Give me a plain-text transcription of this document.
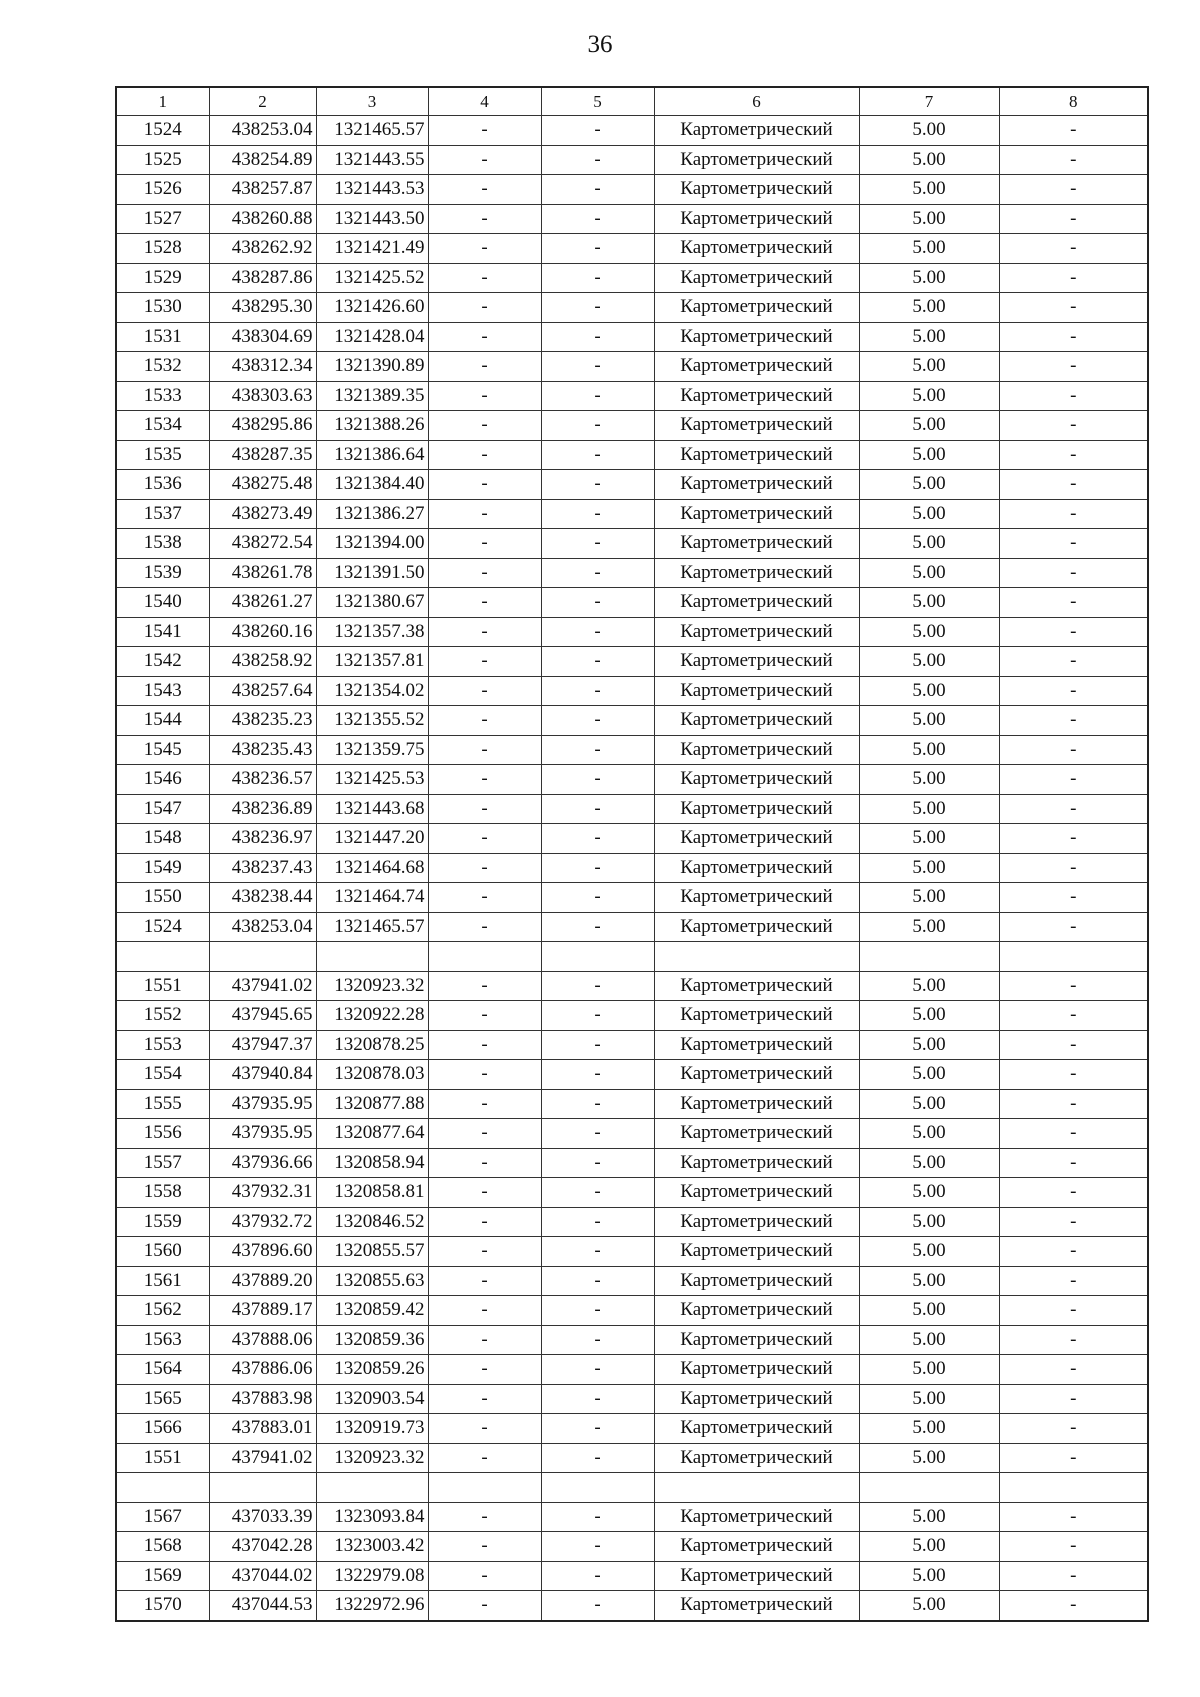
36
1	2	3	4	5	6	7	8
1524	438253.04	1321465.57	-	-	Картометрический	5.00	-
1525	438254.89	1321443.55	-	-	Картометрический	5.00	-
1526	438257.87	1321443.53	-	-	Картометрический	5.00	-
1527	438260.88	1321443.50	-	-	Картометрический	5.00	-
1528	438262.92	1321421.49	-	-	Картометрический	5.00	-
1529	438287.86	1321425.52	-	-	Картометрический	5.00	-
1530	438295.30	1321426.60	-	-	Картометрический	5.00	-
1531	438304.69	1321428.04	-	-	Картометрический	5.00	-
1532	438312.34	1321390.89	-	-	Картометрический	5.00	-
1533	438303.63	1321389.35	-	-	Картометрический	5.00	-
1534	438295.86	1321388.26	-	-	Картометрический	5.00	-
1535	438287.35	1321386.64	-	-	Картометрический	5.00	-
1536	438275.48	1321384.40	-	-	Картометрический	5.00	-
1537	438273.49	1321386.27	-	-	Картометрический	5.00	-
1538	438272.54	1321394.00	-	-	Картометрический	5.00	-
1539	438261.78	1321391.50	-	-	Картометрический	5.00	-
1540	438261.27	1321380.67	-	-	Картометрический	5.00	-
1541	438260.16	1321357.38	-	-	Картометрический	5.00	-
1542	438258.92	1321357.81	-	-	Картометрический	5.00	-
1543	438257.64	1321354.02	-	-	Картометрический	5.00	-
1544	438235.23	1321355.52	-	-	Картометрический	5.00	-
1545	438235.43	1321359.75	-	-	Картометрический	5.00	-
1546	438236.57	1321425.53	-	-	Картометрический	5.00	-
1547	438236.89	1321443.68	-	-	Картометрический	5.00	-
1548	438236.97	1321447.20	-	-	Картометрический	5.00	-
1549	438237.43	1321464.68	-	-	Картометрический	5.00	-
1550	438238.44	1321464.74	-	-	Картометрический	5.00	-
1524	438253.04	1321465.57	-	-	Картометрический	5.00	-

1551	437941.02	1320923.32	-	-	Картометрический	5.00	-
1552	437945.65	1320922.28	-	-	Картометрический	5.00	-
1553	437947.37	1320878.25	-	-	Картометрический	5.00	-
1554	437940.84	1320878.03	-	-	Картометрический	5.00	-
1555	437935.95	1320877.88	-	-	Картометрический	5.00	-
1556	437935.95	1320877.64	-	-	Картометрический	5.00	-
1557	437936.66	1320858.94	-	-	Картометрический	5.00	-
1558	437932.31	1320858.81	-	-	Картометрический	5.00	-
1559	437932.72	1320846.52	-	-	Картометрический	5.00	-
1560	437896.60	1320855.57	-	-	Картометрический	5.00	-
1561	437889.20	1320855.63	-	-	Картометрический	5.00	-
1562	437889.17	1320859.42	-	-	Картометрический	5.00	-
1563	437888.06	1320859.36	-	-	Картометрический	5.00	-
1564	437886.06	1320859.26	-	-	Картометрический	5.00	-
1565	437883.98	1320903.54	-	-	Картометрический	5.00	-
1566	437883.01	1320919.73	-	-	Картометрический	5.00	-
1551	437941.02	1320923.32	-	-	Картометрический	5.00	-

1567	437033.39	1323093.84	-	-	Картометрический	5.00	-
1568	437042.28	1323003.42	-	-	Картометрический	5.00	-
1569	437044.02	1322979.08	-	-	Картометрический	5.00	-
1570	437044.53	1322972.96	-	-	Картометрический	5.00	-
